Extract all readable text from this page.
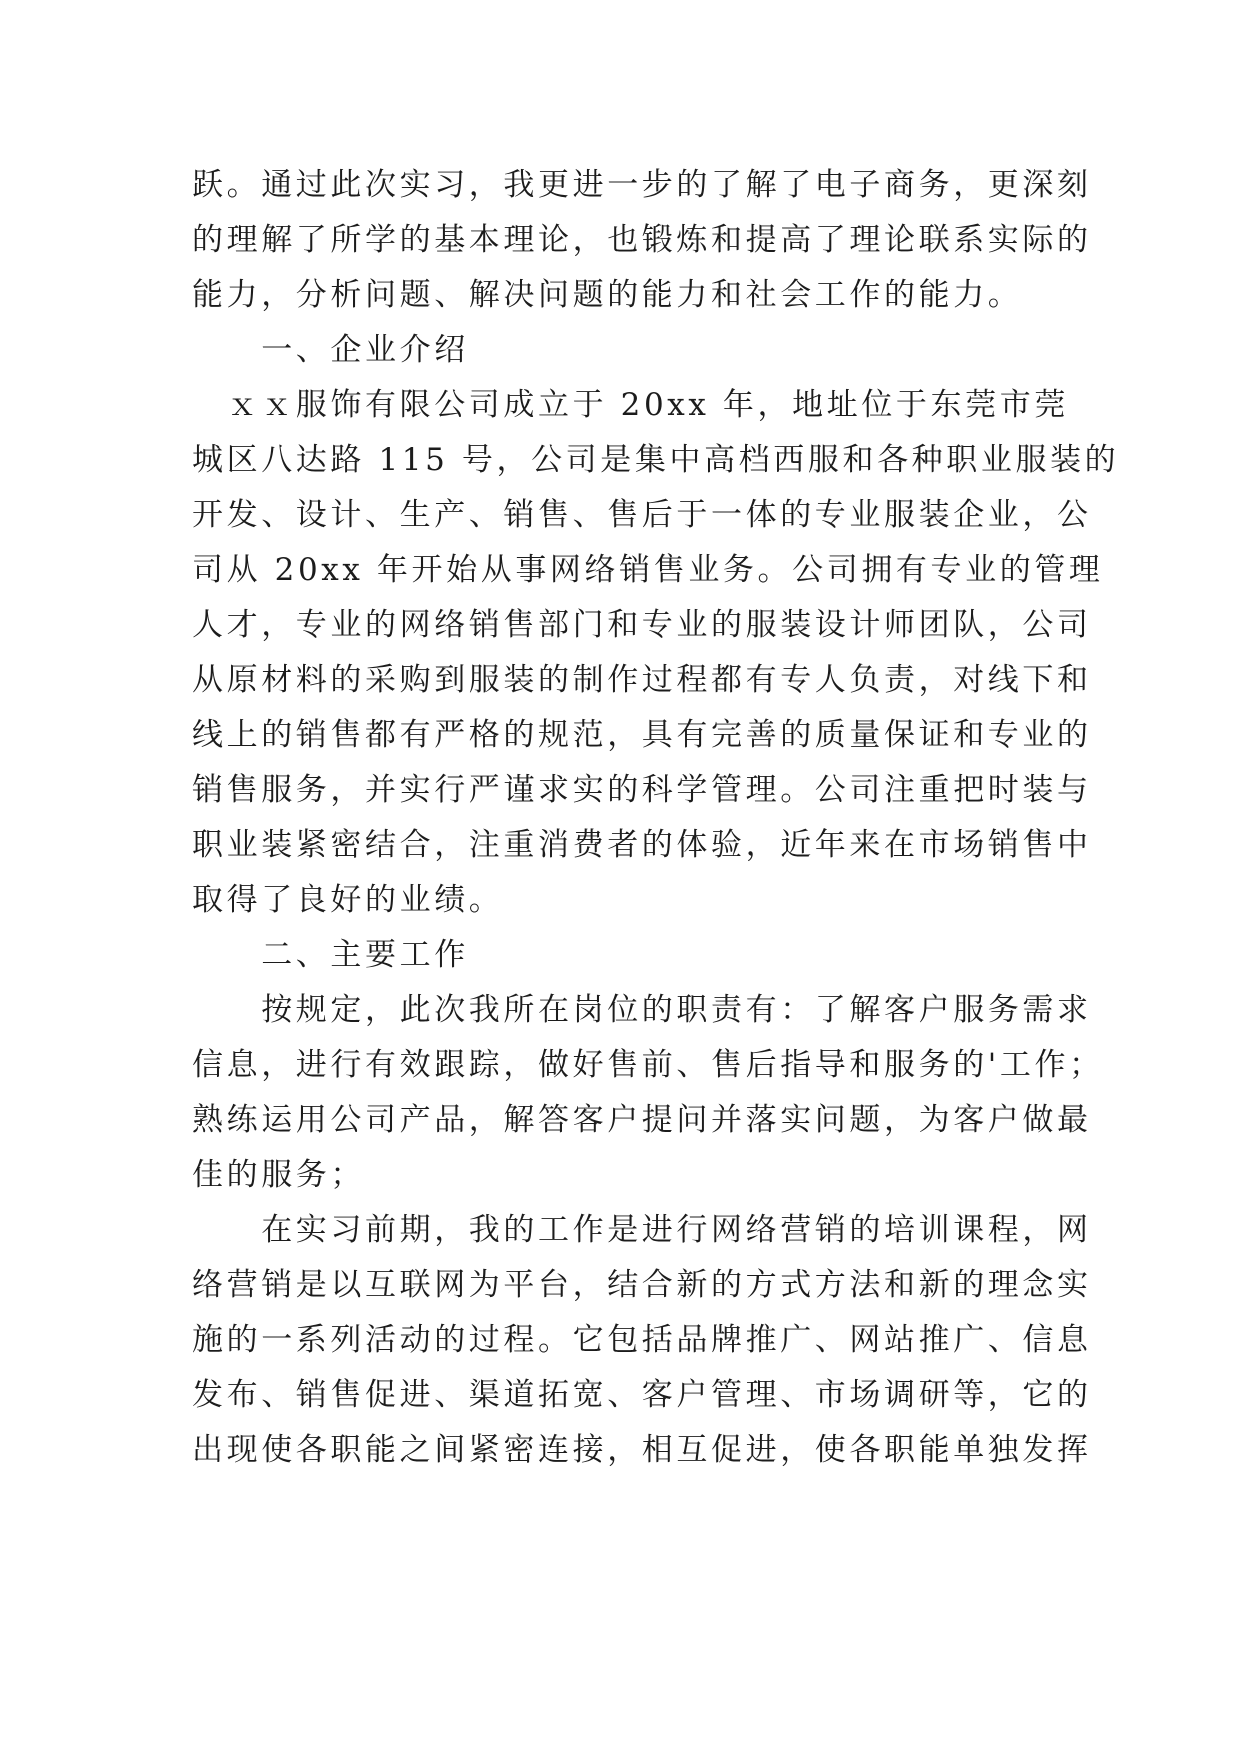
跃。通过此次实习，我更进一步的了解了电子商务，更深刻
的理解了所学的基本理论，也锻炼和提高了理论联系实际的
能力，分析问题、解决问题的能力和社会工作的能力。
　　一、企业介绍
　ｘｘ服饰有限公司成立于 20xx 年，地址位于东莞市莞
城区八达路 115 号，公司是集中高档西服和各种职业服装的
开发、设计、生产、销售、售后于一体的专业服装企业，公
司从 20xx 年开始从事网络销售业务。公司拥有专业的管理
人才，专业的网络销售部门和专业的服装设计师团队，公司
从原材料的采购到服装的制作过程都有专人负责，对线下和
线上的销售都有严格的规范，具有完善的质量保证和专业的
销售服务，并实行严谨求实的科学管理。公司注重把时装与
职业装紧密结合，注重消费者的体验，近年来在市场销售中
取得了良好的业绩。
　　二、主要工作
　　按规定，此次我所在岗位的职责有：了解客户服务需求
信息，进行有效跟踪，做好售前、售后指导和服务的'工作；
熟练运用公司产品，解答客户提问并落实问题，为客户做最
佳的服务；
　　在实习前期，我的工作是进行网络营销的培训课程，网
络营销是以互联网为平台，结合新的方式方法和新的理念实
施的一系列活动的过程。它包括品牌推广、网站推广、信息
发布、销售促进、渠道拓宽、客户管理、市场调研等，它的
出现使各职能之间紧密连接，相互促进，使各职能单独发挥
